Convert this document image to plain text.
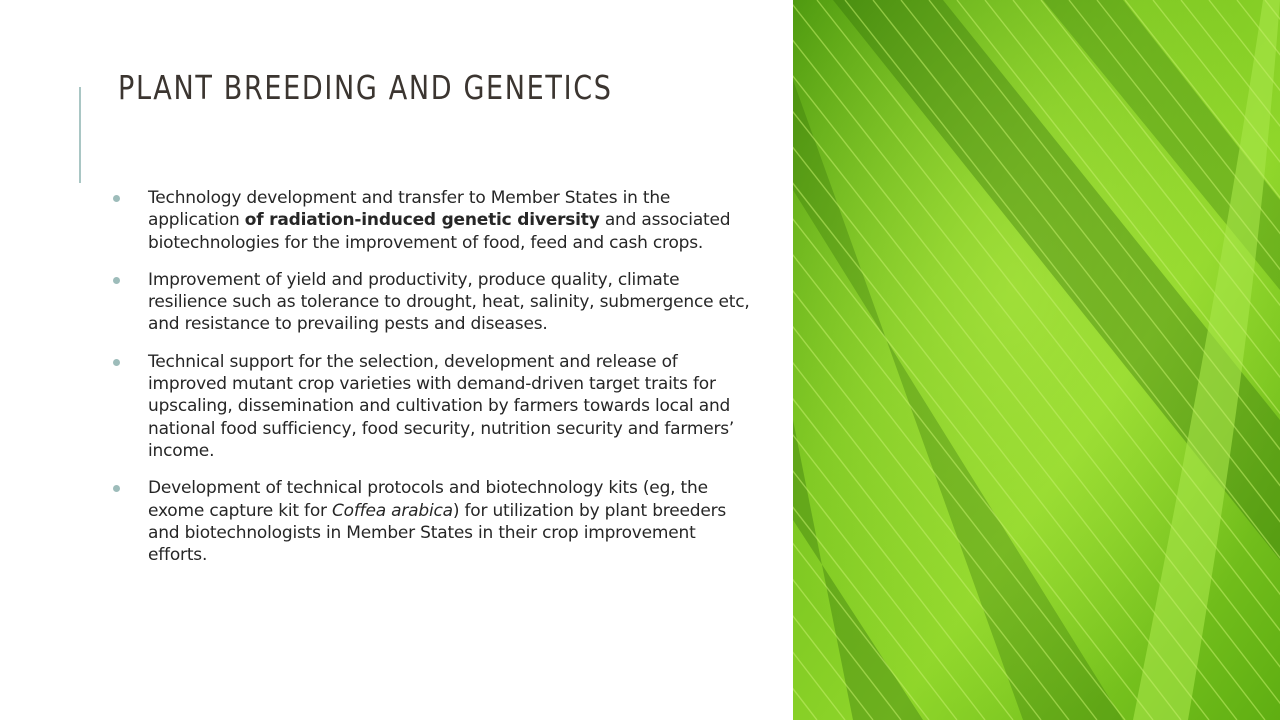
PLANT BREEDING AND GENETICS
Technology development and transfer to Member States in the application of radiation-induced genetic diversity and associated biotechnologies for the improvement of food, feed and cash crops.
Improvement of yield and productivity, produce quality, climate resilience such as tolerance to drought, heat, salinity, submergence etc, and resistance to prevailing pests and diseases.
Technical support for the selection, development and release of improved mutant crop varieties with demand-driven target traits for upscaling, dissemination and cultivation by farmers towards local and national food sufficiency, food security, nutrition security and farmers’ income.
Development of technical protocols and biotechnology kits (eg, the exome capture kit for Coffea arabica) for utilization by plant breeders and biotechnologists in Member States in their crop improvement efforts.
